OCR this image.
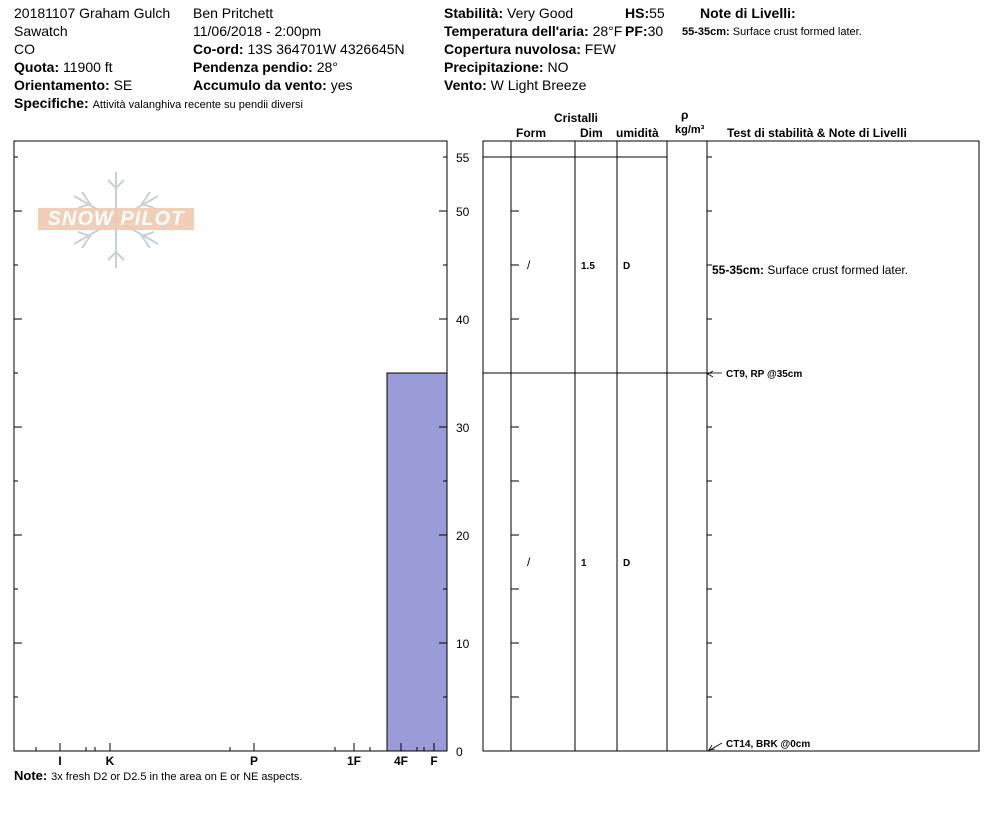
20181107 Graham Gulch
Sawatch
CO
Quota: 11900 ft
Orientamento: SE
Specifiche: Attività valanghiva recente su pendii diversi
Ben Pritchett
11/06/2018 - 2:00pm
Co-ord: 13S 364701W 4326645N
Pendenza pendio: 28°
Accumulo da vento: yes
Stabilità: Very Good
Temperatura dell'aria: 28°F
Copertura nuvolosa: FEW
Precipitazione: NO
Vento: W Light Breeze
HS:55
PF:30
Note di Livelli:
55-35cm: Surface crust formed later.
Cristalli
Form	Dim umidità
ρ
kg/m³ Test di stabilità & Note di Livelli
SNOW PILOT
0
10
20
30
40
50
55
I	K	P	1F	4F F
/	1.5	D
/	1	D
55-35cm: Surface crust formed later.
CT9, RP @35cm
CT14, BRK @0cm
Note: 3x fresh D2 or D2.5 in the area on E or NE aspects.
